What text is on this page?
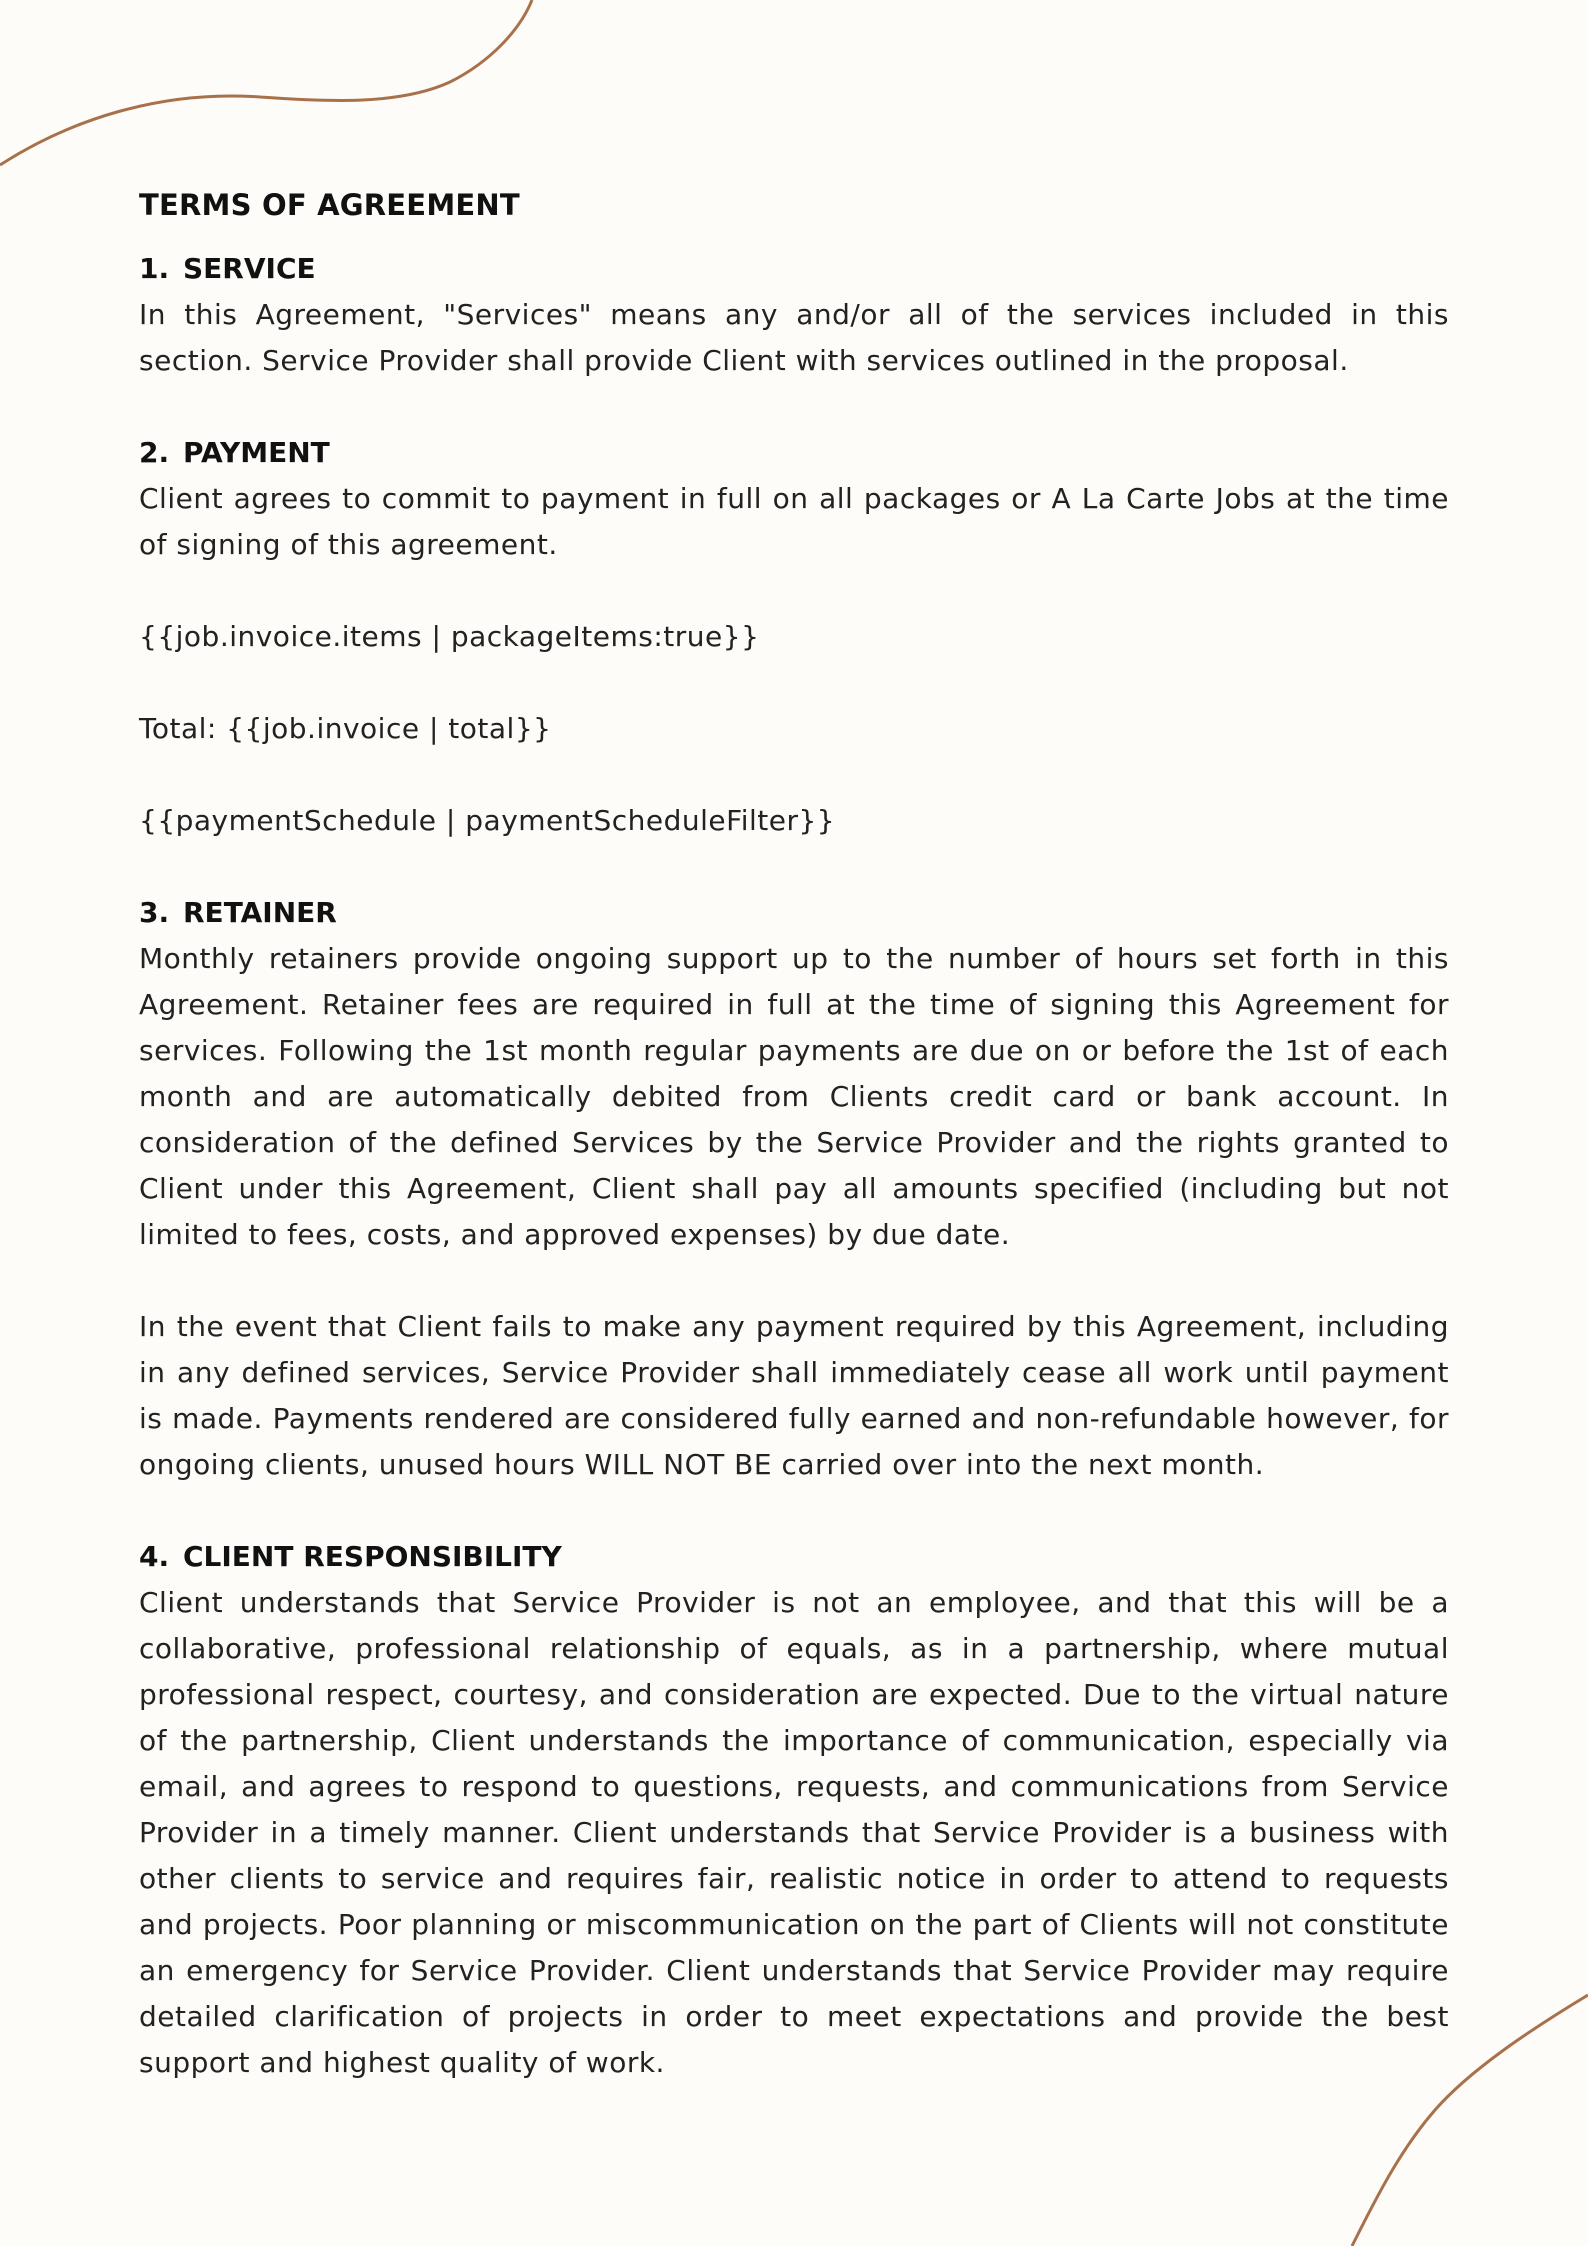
TERMS OF AGREEMENT
1. SERVICE

In this Agreement, "Services" means any and/or all of the services included in this section. Service Provider shall provide Client with services outlined in the proposal.

2. PAYMENT

Client agrees to commit to payment in full on all packages or A La Carte Jobs at the time of signing of this agreement.

{{job.invoice.items | packageItems:true}}

Total: {{job.invoice | total}}

{{paymentSchedule | paymentScheduleFilter}}

3. RETAINER

Monthly retainers provide ongoing support up to the number of hours set forth in this Agreement. Retainer fees are required in full at the time of signing this Agreement for services. Following the 1st month regular payments are due on or before the 1st of each month and are automatically debited from Clients credit card or bank account. In consideration of the defined Services by the Service Provider and the rights granted to Client under this Agreement, Client shall pay all amounts specified (including but not limited to fees, costs, and approved expenses) by due date.

In the event that Client fails to make any payment required by this Agreement, including in any defined services, Service Provider shall immediately cease all work until payment is made. Payments rendered are considered fully earned and non-refundable however, for ongoing clients, unused hours WILL NOT BE carried over into the next month.

4. CLIENT RESPONSIBILITY

Client understands that Service Provider is not an employee, and that this will be a collaborative, professional relationship of equals, as in a partnership, where mutual professional respect, courtesy, and consideration are expected. Due to the virtual nature of the partnership, Client understands the importance of communication, especially via email, and agrees to respond to questions, requests, and communications from Service Provider in a timely manner. Client understands that Service Provider is a business with other clients to service and requires fair, realistic notice in order to attend to requests and projects. Poor planning or miscommunication on the part of Clients will not constitute an emergency for Service Provider. Client understands that Service Provider may require detailed clarification of projects in order to meet expectations and provide the best support and highest quality of work.
